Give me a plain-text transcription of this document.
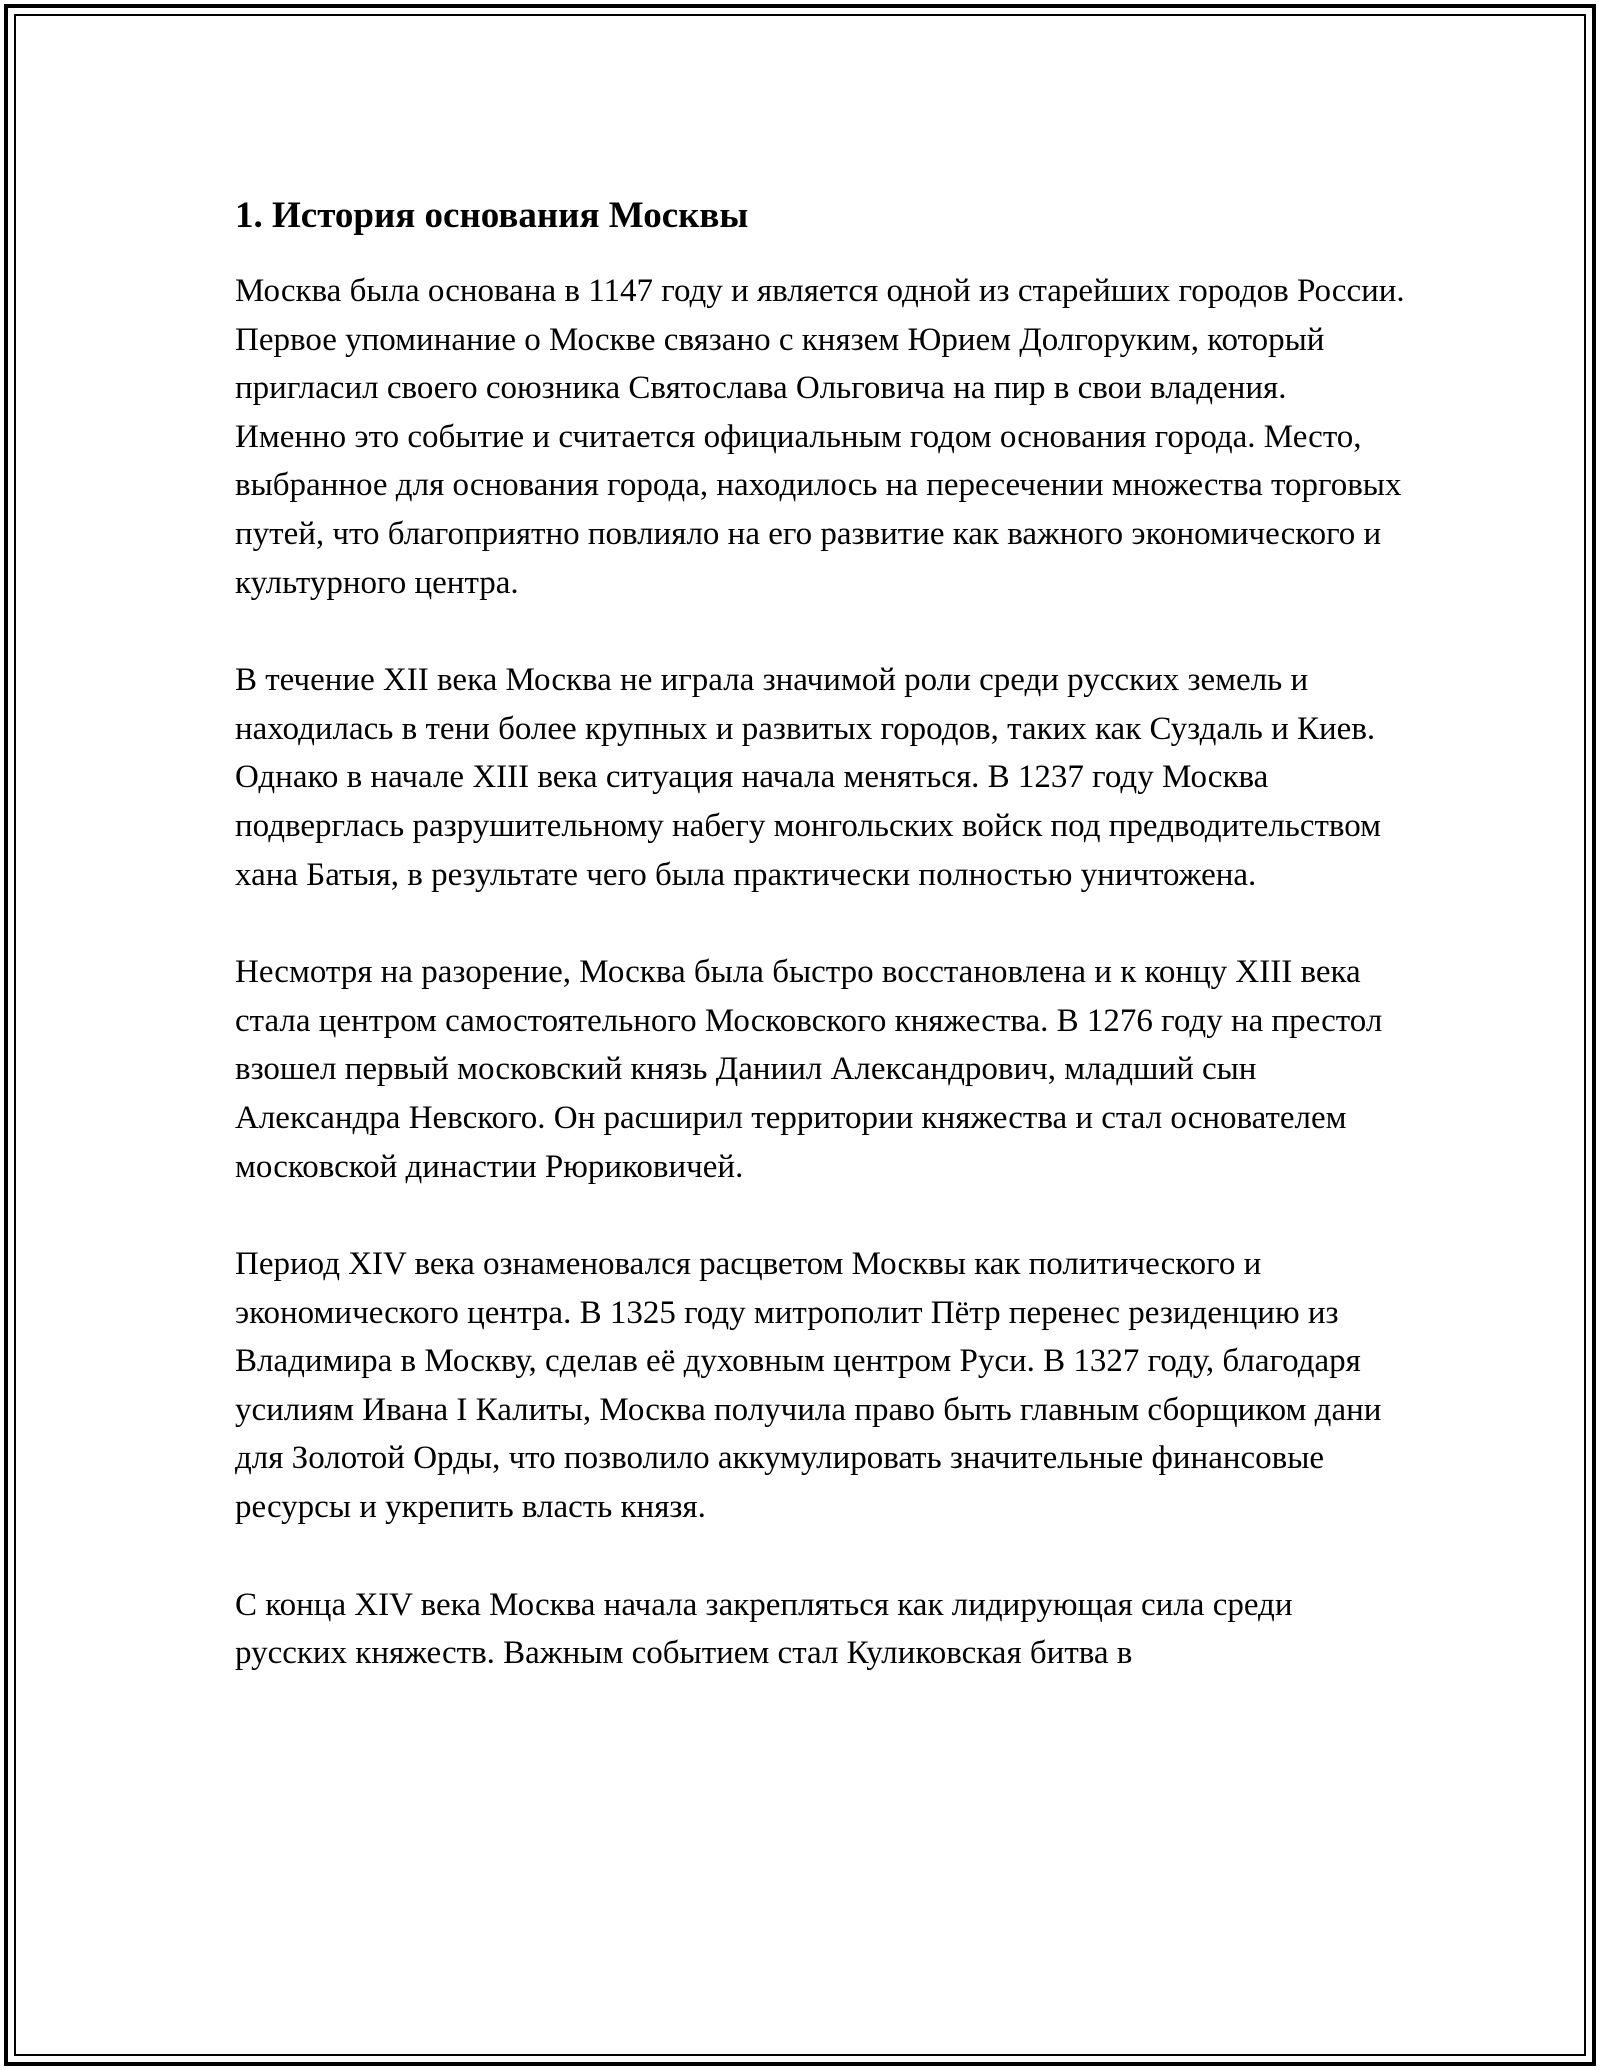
1. История основания Москвы

Москва была основана в 1147 году и является одной из старейших городов России. Первое упоминание о Москве связано с князем Юрием Долгоруким, который пригласил своего союзника Святослава Ольговича на пир в свои владения. Именно это событие и считается официальным годом основания города. Место, выбранное для основания города, находилось на пересечении множества торговых путей, что благоприятно повлияло на его развитие как важного экономического и культурного центра.

В течение XII века Москва не играла значимой роли среди русских земель и находилась в тени более крупных и развитых городов, таких как Суздаль и Киев. Однако в начале XIII века ситуация начала меняться. В 1237 году Москва подверглась разрушительному набегу монгольских войск под предводительством хана Батыя, в результате чего была практически полностью уничтожена.

Несмотря на разорение, Москва была быстро восстановлена и к концу XIII века стала центром самостоятельного Московского княжества. В 1276 году на престол взошел первый московский князь Даниил Александрович, младший сын Александра Невского. Он расширил территории княжества и стал основателем московской династии Рюриковичей.

Период XIV века ознаменовался расцветом Москвы как политического и экономического центра. В 1325 году митрополит Пётр перенес резиденцию из Владимира в Москву, сделав её духовным центром Руси. В 1327 году, благодаря усилиям Ивана I Калиты, Москва получила право быть главным сборщиком дани для Золотой Орды, что позволило аккумулировать значительные финансовые ресурсы и укрепить власть князя.

С конца XIV века Москва начала закрепляться как лидирующая сила среди русских княжеств. Важным событием стал Куликовская битва в
